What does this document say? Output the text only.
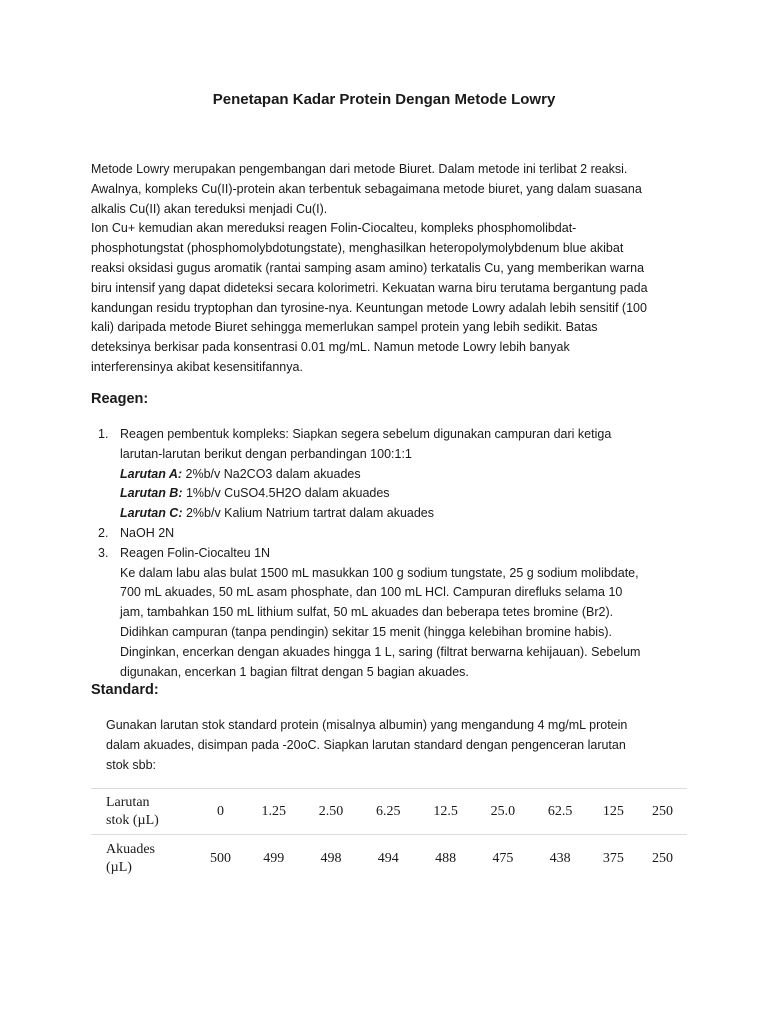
Penetapan Kadar Protein Dengan Metode Lowry

Metode Lowry merupakan pengembangan dari metode Biuret. Dalam metode ini terlibat 2 reaksi.
Awalnya, kompleks Cu(II)-protein akan terbentuk sebagaimana metode biuret, yang dalam suasana
alkalis Cu(II) akan tereduksi menjadi Cu(I).

Ion Cu+ kemudian akan mereduksi reagen Folin-Ciocalteu, kompleks phosphomolibdat-
phosphotungstat (phosphomolybdotungstate), menghasilkan heteropolymolybdenum blue akibat
reaksi oksidasi gugus aromatik (rantai samping asam amino) terkatalis Cu, yang memberikan warna
biru intensif yang dapat dideteksi secara kolorimetri. Kekuatan warna biru terutama bergantung pada
kandungan residu tryptophan dan tyrosine-nya. Keuntungan metode Lowry adalah lebih sensitif (100
kali) daripada metode Biuret sehingga memerlukan sampel protein yang lebih sedikit. Batas
deteksinya berkisar pada konsentrasi 0.01 mg/mL. Namun metode Lowry lebih banyak
interferensinya akibat kesensitifannya.

Reagen:
1. Reagen pembentuk kompleks: Siapkan segera sebelum digunakan campuran dari ketiga
larutan-larutan berikut dengan perbandingan 100:1:1
Larutan A: 2%b/v Na2CO3 dalam akuades
Larutan B: 1%b/v CuSO4.5H2O dalam akuades
Larutan C: 2%b/v Kalium Natrium tartrat dalam akuades
2. NaOH 2N
3. Reagen Folin-Ciocalteu 1N
Ke dalam labu alas bulat 1500 mL masukkan 100 g sodium tungstate, 25 g sodium molibdate,
700 mL akuades, 50 mL asam phosphate, dan 100 mL HCl. Campuran direfluks selama 10
jam, tambahkan 150 mL lithium sulfat, 50 mL akuades dan beberapa tetes bromine (Br2).
Didihkan campuran (tanpa pendingin) sekitar 15 menit (hingga kelebihan bromine habis).
Dinginkan, encerkan dengan akuades hingga 1 L, saring (filtrat berwarna kehijauan). Sebelum
digunakan, encerkan 1 bagian filtrat dengan 5 bagian akuades.
Standard:

Gunakan larutan stok standard protein (misalnya albumin) yang mengandung 4 mg/mL protein
dalam akuades, disimpan pada -20oC. Siapkan larutan standard dengan pengenceran larutan
stok sbb:

Larutan
stok (µL)	0	1.25	2.50	6.25	12.5	25.0	62.5	125	250

Akuades
(µL)	500	499	498	494	488	475	438	375	250
